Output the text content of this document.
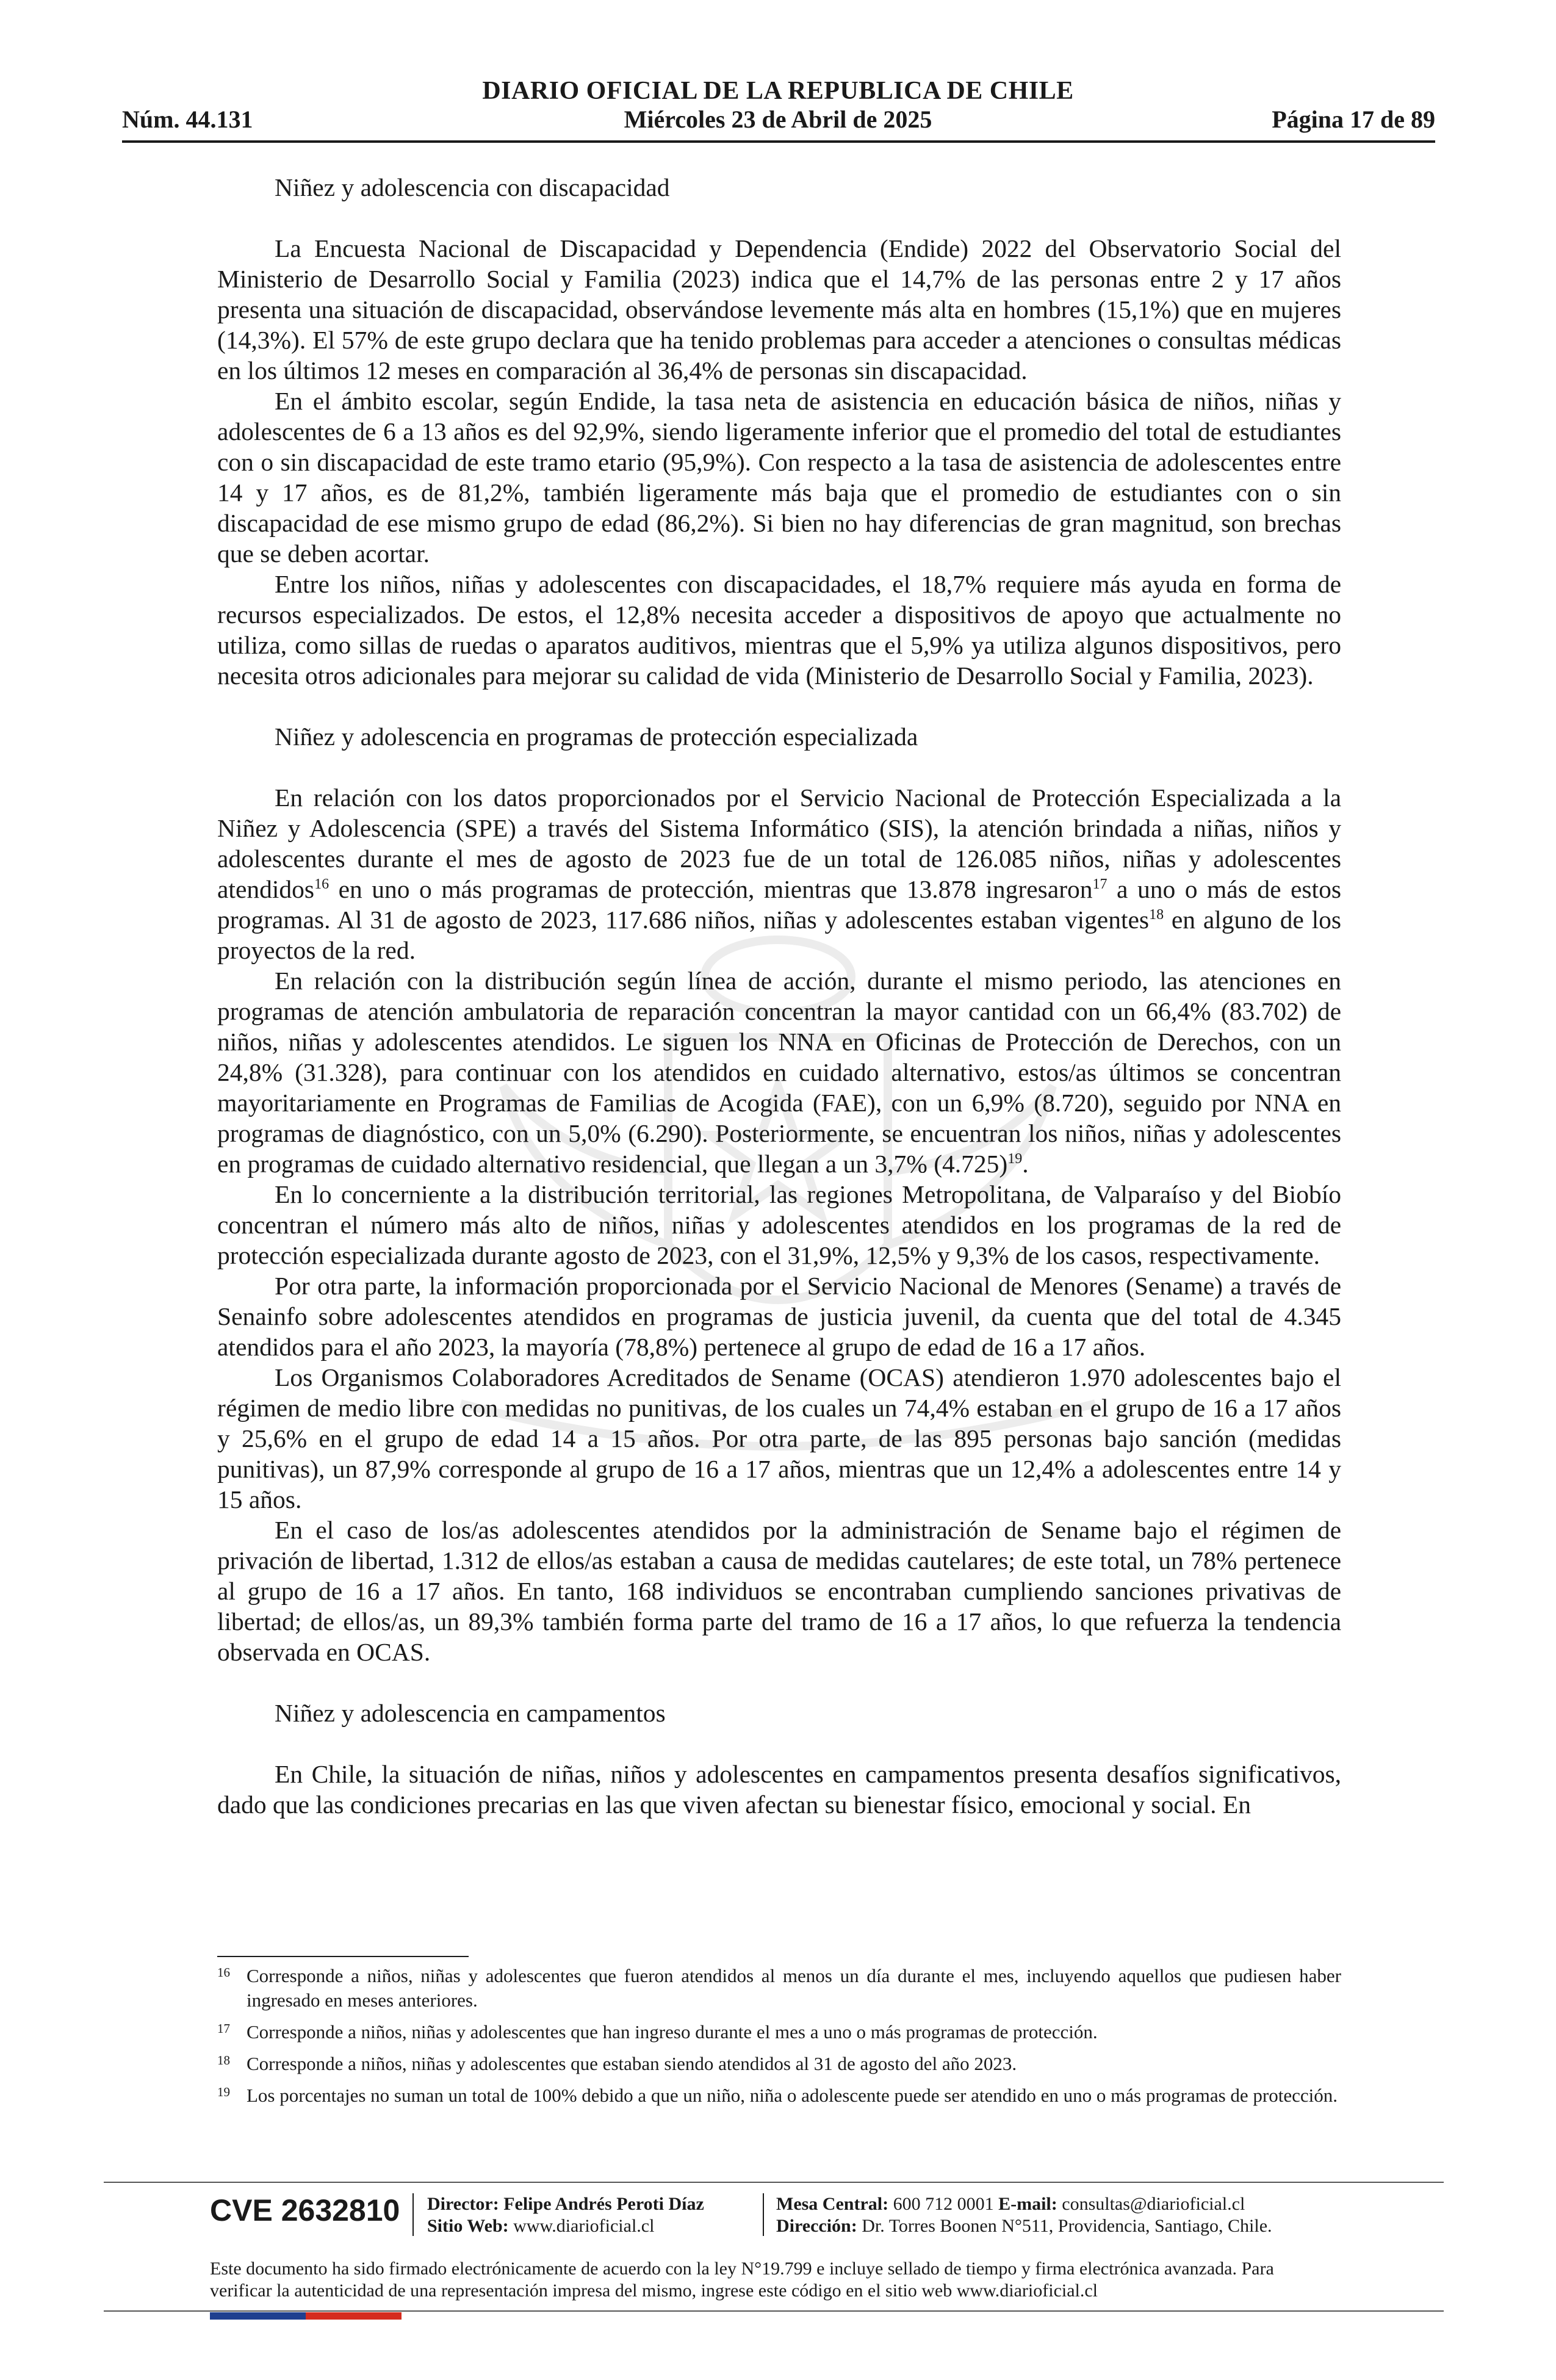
DIARIO OFICIAL DE LA REPUBLICA DE CHILE
Núm. 44.131	Miércoles 23 de Abril de 2025	Página 17 de 89

Niñez y adolescencia con discapacidad

La Encuesta Nacional de Discapacidad y Dependencia (Endide) 2022 del Observatorio Social del Ministerio de Desarrollo Social y Familia (2023) indica que el 14,7% de las personas entre 2 y 17 años presenta una situación de discapacidad, observándose levemente más alta en hombres (15,1%) que en mujeres (14,3%). El 57% de este grupo declara que ha tenido problemas para acceder a atenciones o consultas médicas en los últimos 12 meses en comparación al 36,4% de personas sin discapacidad.

En el ámbito escolar, según Endide, la tasa neta de asistencia en educación básica de niños, niñas y adolescentes de 6 a 13 años es del 92,9%, siendo ligeramente inferior que el promedio del total de estudiantes con o sin discapacidad de este tramo etario (95,9%). Con respecto a la tasa de asistencia de adolescentes entre 14 y 17 años, es de 81,2%, también ligeramente más baja que el promedio de estudiantes con o sin discapacidad de ese mismo grupo de edad (86,2%). Si bien no hay diferencias de gran magnitud, son brechas que se deben acortar.

Entre los niños, niñas y adolescentes con discapacidades, el 18,7% requiere más ayuda en forma de recursos especializados. De estos, el 12,8% necesita acceder a dispositivos de apoyo que actualmente no utiliza, como sillas de ruedas o aparatos auditivos, mientras que el 5,9% ya utiliza algunos dispositivos, pero necesita otros adicionales para mejorar su calidad de vida (Ministerio de Desarrollo Social y Familia, 2023).

Niñez y adolescencia en programas de protección especializada

En relación con los datos proporcionados por el Servicio Nacional de Protección Especializada a la Niñez y Adolescencia (SPE) a través del Sistema Informático (SIS), la atención brindada a niñas, niños y adolescentes durante el mes de agosto de 2023 fue de un total de 126.085 niños, niñas y adolescentes atendidos$^{16}$ en uno o más programas de protección, mientras que 13.878 ingresaron$^{17}$ a uno o más de estos programas. Al 31 de agosto de 2023, 117.686 niños, niñas y adolescentes estaban vigentes$^{18}$ en alguno de los proyectos de la red.

En relación con la distribución según línea de acción, durante el mismo periodo, las atenciones en programas de atención ambulatoria de reparación concentran la mayor cantidad con un 66,4% (83.702) de niños, niñas y adolescentes atendidos. Le siguen los NNA en Oficinas de Protección de Derechos, con un 24,8% (31.328), para continuar con los atendidos en cuidado alternativo, estos/as últimos se concentran mayoritariamente en Programas de Familias de Acogida (FAE), con un 6,9% (8.720), seguido por NNA en programas de diagnóstico, con un 5,0% (6.290). Posteriormente, se encuentran los niños, niñas y adolescentes en programas de cuidado alternativo residencial, que llegan a un 3,7% $(4.725)^{19}$.

En lo concerniente a la distribución territorial, las regiones Metropolitana, de Valparaíso y del Biobío concentran el número más alto de niños, niñas y adolescentes atendidos en los programas de la red de protección especializada durante agosto de 2023, con el 31,9%, 12,5% y 9,3% de los casos, respectivamente.

Por otra parte, la información proporcionada por el Servicio Nacional de Menores (Sename) a través de Senainfo sobre adolescentes atendidos en programas de justicia juvenil, da cuenta que del total de 4.345 atendidos para el año 2023, la mayoría (78,8%) pertenece al grupo de edad de 16 a 17 años.

Los Organismos Colaboradores Acreditados de Sename (OCAS) atendieron 1.970 adolescentes bajo el régimen de medio libre con medidas no punitivas, de los cuales un 74,4% estaban en el grupo de 16 a 17 años y 25,6% en el grupo de edad 14 a 15 años. Por otra parte, de las 895 personas bajo sanción (medidas punitivas), un 87,9% corresponde al grupo de 16 a 17 años, mientras que un 12,4% a adolescentes entre 14 y 15 años.

En el caso de los/as adolescentes atendidos por la administración de Sename bajo el régimen de privación de libertad, 1.312 de ellos/as estaban a causa de medidas cautelares; de este total, un 78% pertenece al grupo de 16 a 17 años. En tanto, 168 individuos se encontraban cumpliendo sanciones privativas de libertad; de ellos/as, un 89,3% también forma parte del tramo de 16 a 17 años, lo que refuerza la tendencia observada en OCAS.

Niñez y adolescencia en campamentos

En Chile, la situación de niñas, niños y adolescentes en campamentos presenta desafíos significativos, dado que las condiciones precarias en las que viven afectan su bienestar físico, emocional y social. En

16 Corresponde a niños, niñas y adolescentes que fueron atendidos al menos un día durante el mes, incluyendo aquellos que pudiesen haber ingresado en meses anteriores.
17 Corresponde a niños, niñas y adolescentes que han ingreso durante el mes a uno o más programas de protección.
18 Corresponde a niños, niñas y adolescentes que estaban siendo atendidos al 31 de agosto del año 2023.
19 Los porcentajes no suman un total de 100% debido a que un niño, niña o adolescente puede ser atendido en uno o más programas de protección.
CVE 2632810 Director: Felipe Andrés Peroti Díaz
Sitio Web: www.diarioficial.cl
Mesa Central: 600 712 0001 E-mail: consultas@diarioficial.cl
Dirección: Dr. Torres Boonen N°511, Providencia, Santiago, Chile.
Este documento ha sido firmado electrónicamente de acuerdo con la ley N°19.799 e incluye sellado de tiempo y firma electrónica avanzada. Para verificar la autenticidad de una representación impresa del mismo, ingrese este código en el sitio web www.diarioficial.cl
